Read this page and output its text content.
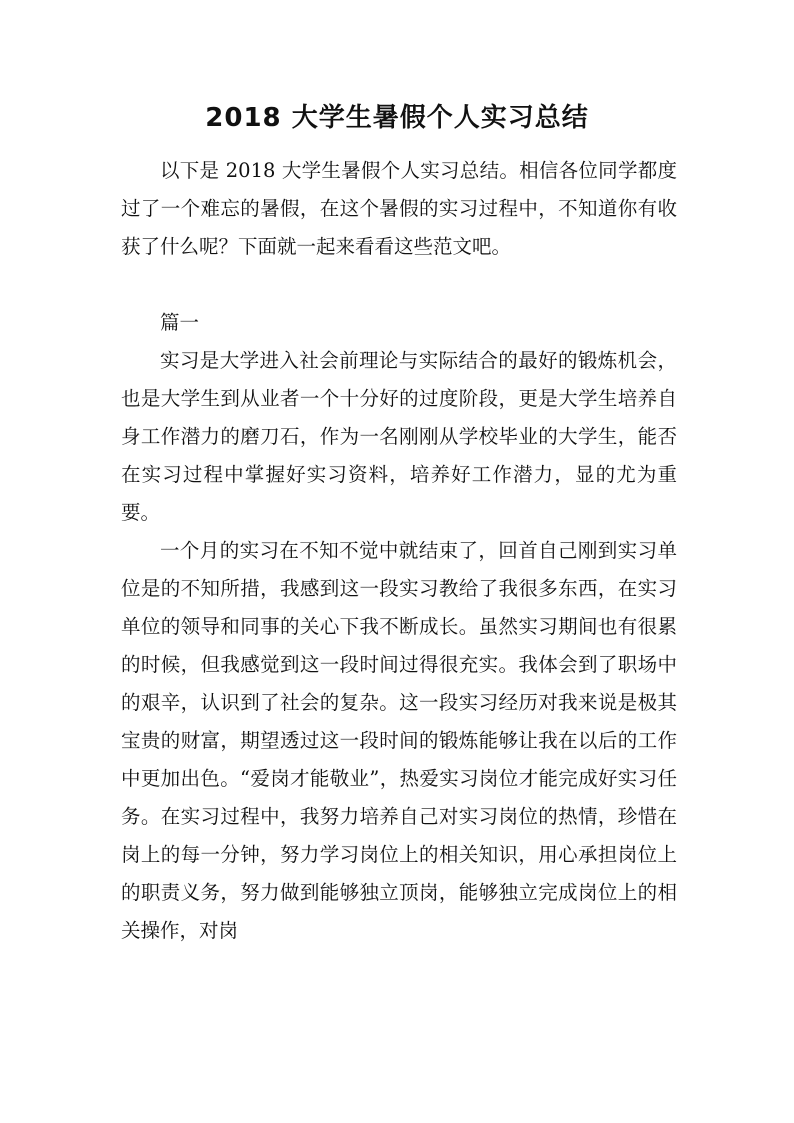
2018 大学生暑假个人实习总结

以下是 2018 大学生暑假个人实习总结。相信各位同学都度过了一个难忘的暑假，在这个暑假的实习过程中，不知道你有收获了什么呢？下面就一起来看看这些范文吧。

篇一

实习是大学进入社会前理论与实际结合的最好的锻炼机会，也是大学生到从业者一个十分好的过度阶段，更是大学生培养自身工作潜力的磨刀石，作为一名刚刚从学校毕业的大学生，能否在实习过程中掌握好实习资料，培养好工作潜力，显的尤为重要。

一个月的实习在不知不觉中就结束了，回首自己刚到实习单位是的不知所措，我感到这一段实习教给了我很多东西，在实习单位的领导和同事的关心下我不断成长。虽然实习期间也有很累的时候，但我感觉到这一段时间过得很充实。我体会到了职场中的艰辛，认识到了社会的复杂。这一段实习经历对我来说是极其宝贵的财富，期望透过这一段时间的锻炼能够让我在以后的工作中更加出色。“爱岗才能敬业”，热爱实习岗位才能完成好实习任务。在实习过程中，我努力培养自己对实习岗位的热情，珍惜在岗上的每一分钟，努力学习岗位上的相关知识，用心承担岗位上的职责义务，努力做到能够独立顶岗，能够独立完成岗位上的相关操作，对岗
